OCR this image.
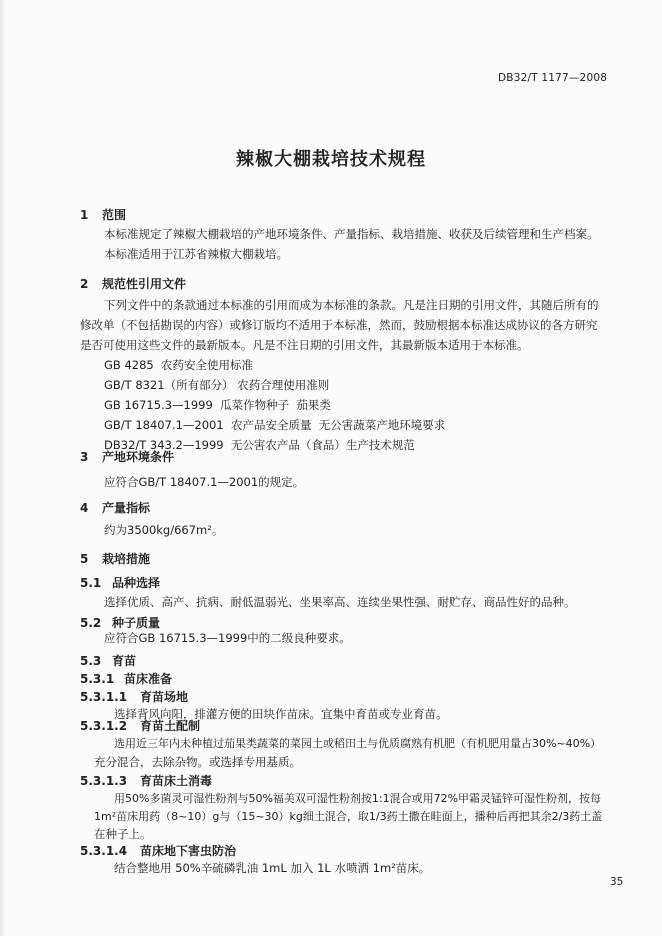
DB32/T 1177—2008
辣椒大棚栽培技术规程
1 范围
本标准规定了辣椒大棚栽培的产地环境条件、产量指标、栽培措施、收获及后续管理和生产档案。
本标准适用于江苏省辣椒大棚栽培。
2 规范性引用文件
下列文件中的条款通过本标准的引用而成为本标准的条款。凡是注日期的引用文件，其随后所有的
修改单（不包括勘误的内容）或修订版均不适用于本标准，然而，鼓励根据本标准达成协议的各方研究
是否可使用这些文件的最新版本。凡是不注日期的引用文件，其最新版本适用于本标准。
GB 4285  农药安全使用标准
GB/T 8321（所有部分） 农药合理使用准则
GB 16715.3—1999  瓜菜作物种子  茄果类
GB/T 18407.1—2001  农产品安全质量  无公害蔬菜产地环境要求
DB32/T 343.2—1999  无公害农产品（食品）生产技术规范
3 产地环境条件
应符合GB/T 18407.1—2001的规定。
4 产量指标
约为3500kg/667m²。
5 栽培措施
5.1 品种选择
选择优质、高产、抗病、耐低温弱光、坐果率高、连续坐果性强、耐贮存、商品性好的品种。
5.2 种子质量
应符合GB 16715.3—1999中的二级良种要求。
5.3 育苗
5.3.1 苗床准备
5.3.1.1 育苗场地
选择背风向阳，排灌方便的田块作苗床。宜集中育苗或专业育苗。
5.3.1.2 育苗土配制
选用近三年内未种植过茄果类蔬菜的菜园土或稻田土与优质腐熟有机肥（有机肥用量占30%~40%）
充分混合，去除杂物。或选择专用基质。
5.3.1.3 育苗床土消毒
用50%多菌灵可湿性粉剂与50%福美双可湿性粉剂按1:1混合或用72%甲霜灵锰锌可湿性粉剂，按每
1m²苗床用药（8~10）g与（15~30）kg细土混合，取1/3药土撒在畦面上，播种后再把其余2/3药土盖
在种子上。
5.3.1.4 苗床地下害虫防治
结合整地用 50%辛硫磷乳油 1mL 加入 1L 水喷洒 1m²苗床。
35
